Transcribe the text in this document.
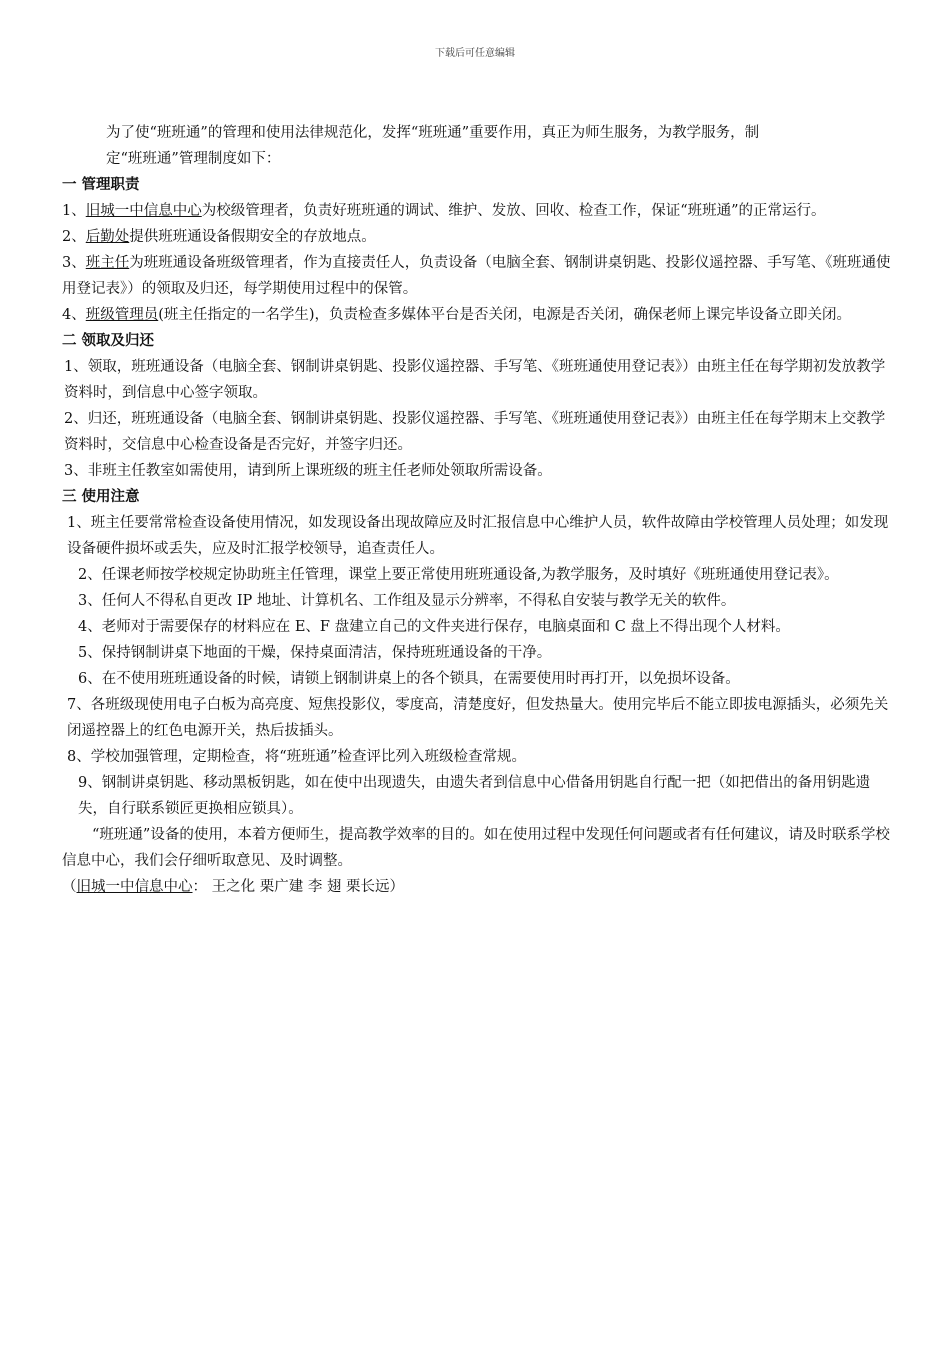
下载后可任意编辑

为了使“班班通”的管理和使用法律规范化，发挥“班班通”重要作用，真正为师生服务，为教学服务，制

定“班班通”管理制度如下：

一 管理职责

1、旧城一中信息中心为校级管理者，负责好班班通的调试、维护、发放、回收、检查工作，保证“班班通”的正常运行。

2、后勤处提供班班通设备假期安全的存放地点。

3、班主任为班班通设备班级管理者，作为直接责任人，负责设备（电脑全套、钢制讲桌钥匙、投影仪遥控器、手写笔、《班班通使用登记表》）的领取及归还，每学期使用过程中的保管。

4、班级管理员(班主任指定的一名学生)，负责检查多媒体平台是否关闭，电源是否关闭，确保老师上课完毕设备立即关闭。

二 领取及归还

1、领取，班班通设备（电脑全套、钢制讲桌钥匙、投影仪遥控器、手写笔、《班班通使用登记表》）由班主任在每学期初发放教学资料时，到信息中心签字领取。

2、归还，班班通设备（电脑全套、钢制讲桌钥匙、投影仪遥控器、手写笔、《班班通使用登记表》）由班主任在每学期末上交教学资料时，交信息中心检查设备是否完好，并签字归还。

3、非班主任教室如需使用，请到所上课班级的班主任老师处领取所需设备。

三 使用注意

1、班主任要常常检查设备使用情况，如发现设备出现故障应及时汇报信息中心维护人员，软件故障由学校管理人员处理；如发现设备硬件损坏或丢失，应及时汇报学校领导，追查责任人。

2、任课老师按学校规定协助班主任管理，课堂上要正常使用班班通设备,为教学服务，及时填好《班班通使用登记表》。

3、任何人不得私自更改 IP 地址、计算机名、工作组及显示分辨率，不得私自安装与教学无关的软件。

4、老师对于需要保存的材料应在 E、F 盘建立自己的文件夹进行保存，电脑桌面和 C 盘上不得出现个人材料。

5、保持钢制讲桌下地面的干燥，保持桌面清洁，保持班班通设备的干净。

6、在不使用班班通设备的时候，请锁上钢制讲桌上的各个锁具，在需要使用时再打开，以免损坏设备。

7、各班级现使用电子白板为高亮度、短焦投影仪，零度高，清楚度好，但发热量大。使用完毕后不能立即拔电源插头，必须先关闭遥控器上的红色电源开关，热后拔插头。

8、学校加强管理，定期检查，将“班班通”检查评比列入班级检查常规。

9、钢制讲桌钥匙、移动黑板钥匙，如在使中出现遗失，由遗失者到信息中心借备用钥匙自行配一把（如把借出的备用钥匙遗失，自行联系锁匠更换相应锁具）。

“班班通”设备的使用，本着方便师生，提高教学效率的目的。如在使用过程中发现任何问题或者有任何建议，请及时联系学校信息中心，我们会仔细听取意见、及时调整。

（旧城一中信息中心： 王之化 栗广建 李 翅 栗长远）
